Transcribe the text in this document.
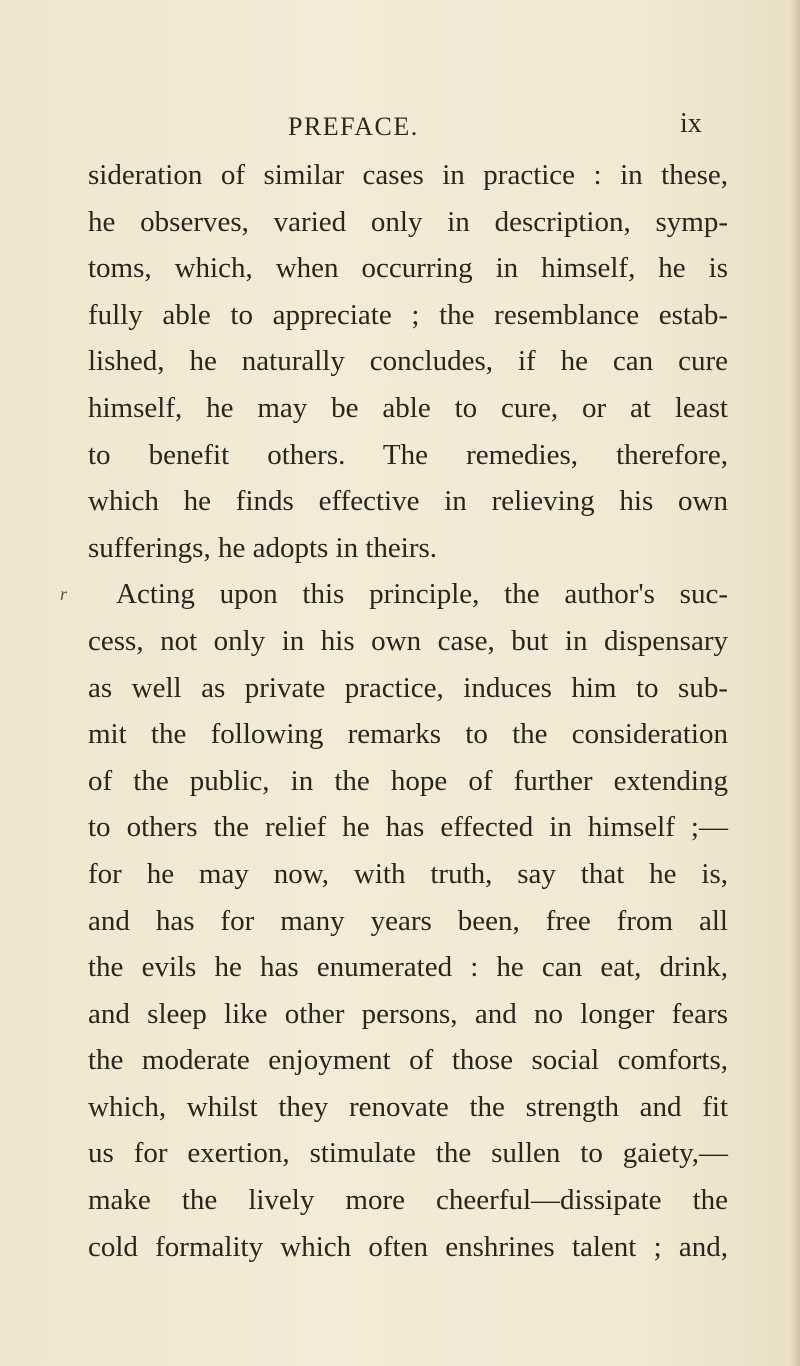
PREFACE.	ix
r
sideration of similar cases in practice : in these,
he observes, varied only in description, symp-
toms, which, when occurring in himself, he is
fully able to appreciate ; the resemblance estab-
lished, he naturally concludes, if he can cure
himself, he may be able to cure, or at least
to benefit others. The remedies, therefore,
which he finds effective in relieving his own
sufferings, he adopts in theirs.
Acting upon this principle, the author's suc-
cess, not only in his own case, but in dispensary
as well as private practice, induces him to sub-
mit the following remarks to the consideration
of the public, in the hope of further extending
to others the relief he has effected in himself ;—
for he may now, with truth, say that he is,
and has for many years been, free from all
the evils he has enumerated : he can eat, drink,
and sleep like other persons, and no longer fears
the moderate enjoyment of those social comforts,
which, whilst they renovate the strength and fit
us for exertion, stimulate the sullen to gaiety,—
make the lively more cheerful—dissipate the
cold formality which often enshrines talent ; and,
